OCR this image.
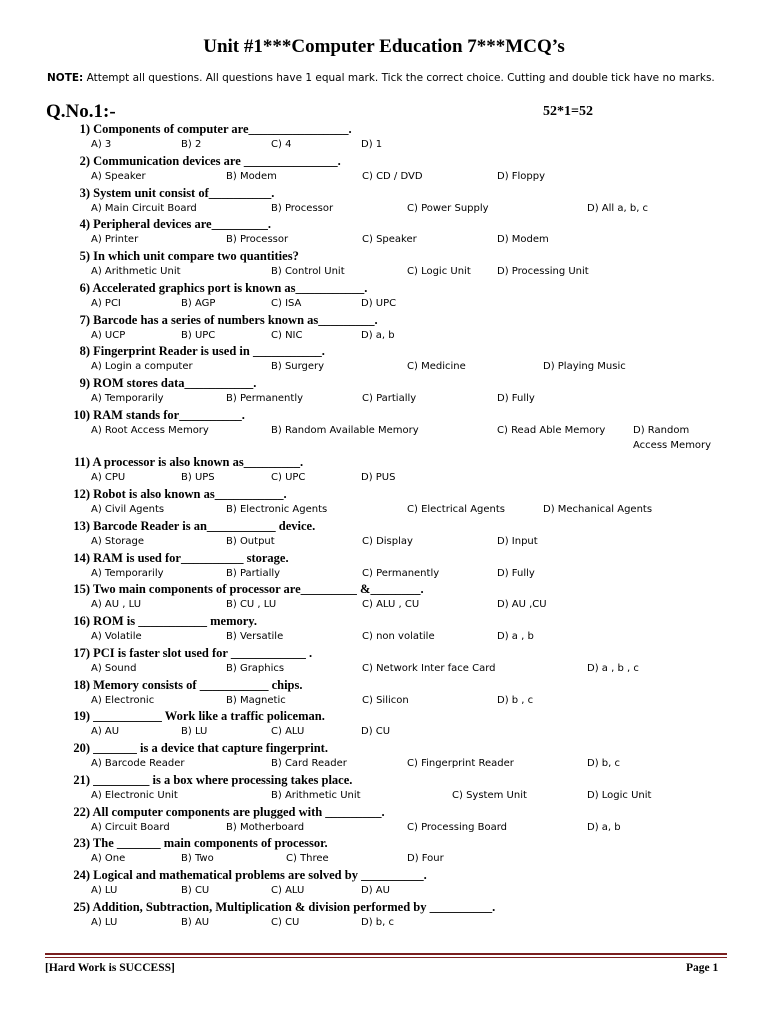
Unit #1***Computer Education 7***MCQ’s
NOTE: Attempt all questions. All questions have 1 equal mark. Tick the correct choice. Cutting and double tick have no marks.
Q.No.1:-	52*1=52
1) Components of computer are________________.
A) 3	B) 2	C) 4	D) 1
2) Communication devices are _______________.
A) Speaker	B) Modem	C) CD / DVD	D) Floppy
3) System unit consist of__________.
A) Main Circuit Board	B) Processor	C) Power Supply	D) All a, b, c
4) Peripheral devices are_________.
A) Printer	B) Processor	C) Speaker	D) Modem
5) In which unit compare two quantities?
A) Arithmetic Unit	B) Control Unit	C) Logic Unit	D) Processing Unit
6) Accelerated graphics port is known as___________.
A) PCI	B) AGP	C) ISA	D) UPC
7) Barcode has a series of numbers known as_________.
A) UCP	B) UPC	C) NIC	D) a, b
8) Fingerprint Reader is used in ___________.
A) Login a computer	B) Surgery	C) Medicine	D) Playing Music
9) ROM stores data___________.
A) Temporarily	B) Permanently	C) Partially	D) Fully
10) RAM stands for__________.
A) Root Access Memory	B) Random Available Memory	C) Read Able Memory	D) Random Access Memory
11) A processor is also known as_________.
A) CPU	B) UPS	C) UPC	D) PUS
12) Robot is also known as___________.
A) Civil Agents	B) Electronic Agents	C) Electrical Agents	D) Mechanical Agents
13) Barcode Reader is an___________ device.
A) Storage	B) Output	C) Display	D) Input
14) RAM is used for__________ storage.
A) Temporarily	B) Partially	C) Permanently	D) Fully
15) Two main components of processor are_________ &________.
A) AU , LU	B) CU , LU	C) ALU , CU	D) AU ,CU
16) ROM is ___________ memory.
A) Volatile	B) Versatile	C) non volatile	D) a , b
17) PCI is faster slot used for ____________ .
A) Sound	B) Graphics	C) Network Inter face Card	D) a , b , c
18) Memory consists of ___________ chips.
A) Electronic	B) Magnetic	C) Silicon	D) b , c
19) ___________ Work like a traffic policeman.
A) AU	B) LU	C) ALU	D) CU
20) _______ is a device that capture fingerprint.
A) Barcode Reader	B) Card Reader	C) Fingerprint Reader	D) b, c
21) _________ is a box where processing takes place.
A) Electronic Unit	B) Arithmetic Unit	C) System Unit	D) Logic Unit
22) All computer components are plugged with _________.
A) Circuit Board	B) Motherboard	C) Processing Board	D) a, b
23) The _______ main components of processor.
A) One	B) Two	C) Three	D) Four
24) Logical and mathematical problems are solved by __________.
A) LU	B) CU	C) ALU	D) AU
25) Addition, Subtraction, Multiplication & division performed by __________.
A) LU	B) AU	C) CU	D) b, c
[Hard Work is SUCCESS]	Page 1
